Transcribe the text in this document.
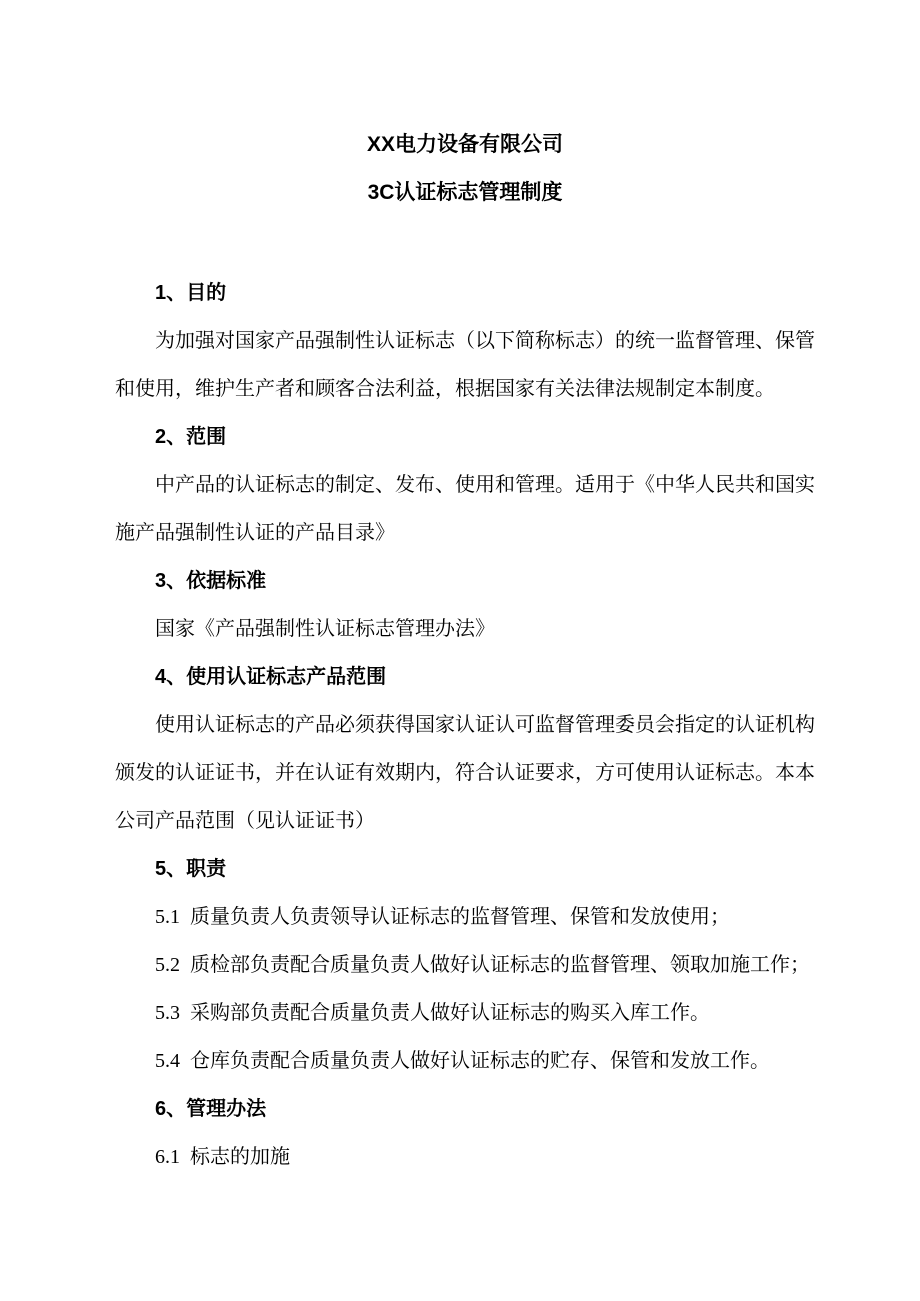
XX电力设备有限公司
3C认证标志管理制度
1、目的

为加强对国家产品强制性认证标志（以下简称标志）的统一监督管理、保管和使用，维护生产者和顾客合法利益，根据国家有关法律法规制定本制度。

2、范围

中产品的认证标志的制定、发布、使用和管理。适用于《中华人民共和国实施产品强制性认证的产品目录》

3、依据标准

国家《产品强制性认证标志管理办法》

4、使用认证标志产品范围

使用认证标志的产品必须获得国家认证认可监督管理委员会指定的认证机构颁发的认证证书，并在认证有效期内，符合认证要求，方可使用认证标志。本本公司产品范围（见认证证书）

5、职责

5.1  质量负责人负责领导认证标志的监督管理、保管和发放使用；

5.2  质检部负责配合质量负责人做好认证标志的监督管理、领取加施工作；

5.3  采购部负责配合质量负责人做好认证标志的购买入库工作。

5.4  仓库负责配合质量负责人做好认证标志的贮存、保管和发放工作。

6、管理办法

6.1  标志的加施
